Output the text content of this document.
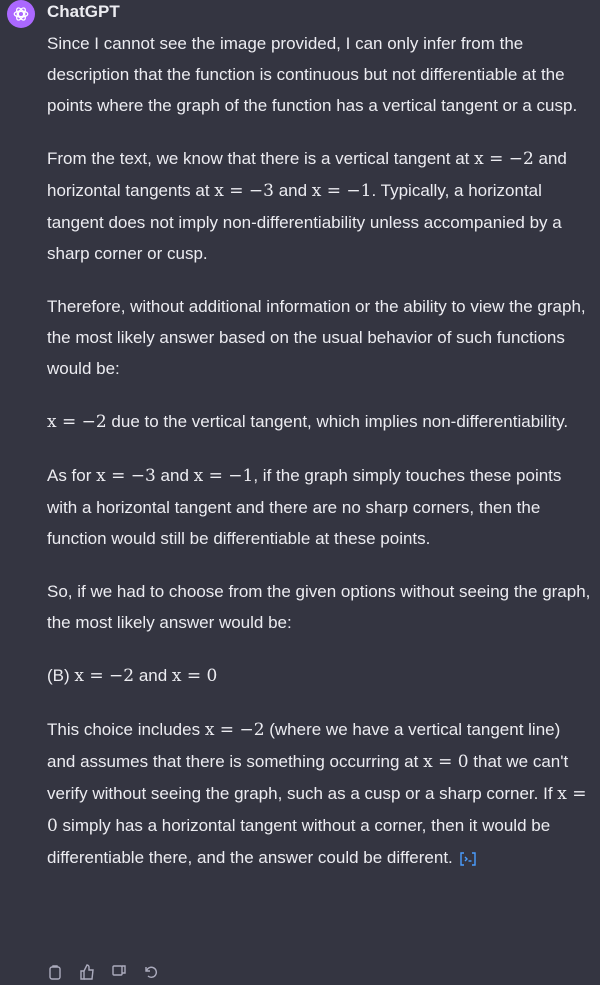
ChatGPT

Since I cannot see the image provided, I can only infer from the description that the function is continuous but not differentiable at the points where the graph of the function has a vertical tangent or a cusp.

From the text, we know that there is a vertical tangent at x = −2 and horizontal tangents at x = −3 and x = −1. Typically, a horizontal tangent does not imply non-differentiability unless accompanied by a sharp corner or cusp.

Therefore, without additional information or the ability to view the graph, the most likely answer based on the usual behavior of such functions would be:

x = −2 due to the vertical tangent, which implies non-differentiability.

As for x = −3 and x = −1, if the graph simply touches these points with a horizontal tangent and there are no sharp corners, then the function would still be differentiable at these points.

So, if we had to choose from the given options without seeing the graph, the most likely answer would be:

(B) x = −2 and x = 0

This choice includes x = −2 (where we have a vertical tangent line) and assumes that there is something occurring at x = 0 that we can't verify without seeing the graph, such as a cusp or a sharp corner. If x = 0 simply has a horizontal tangent without a corner, then it would be differentiable there, and the answer could be different.
